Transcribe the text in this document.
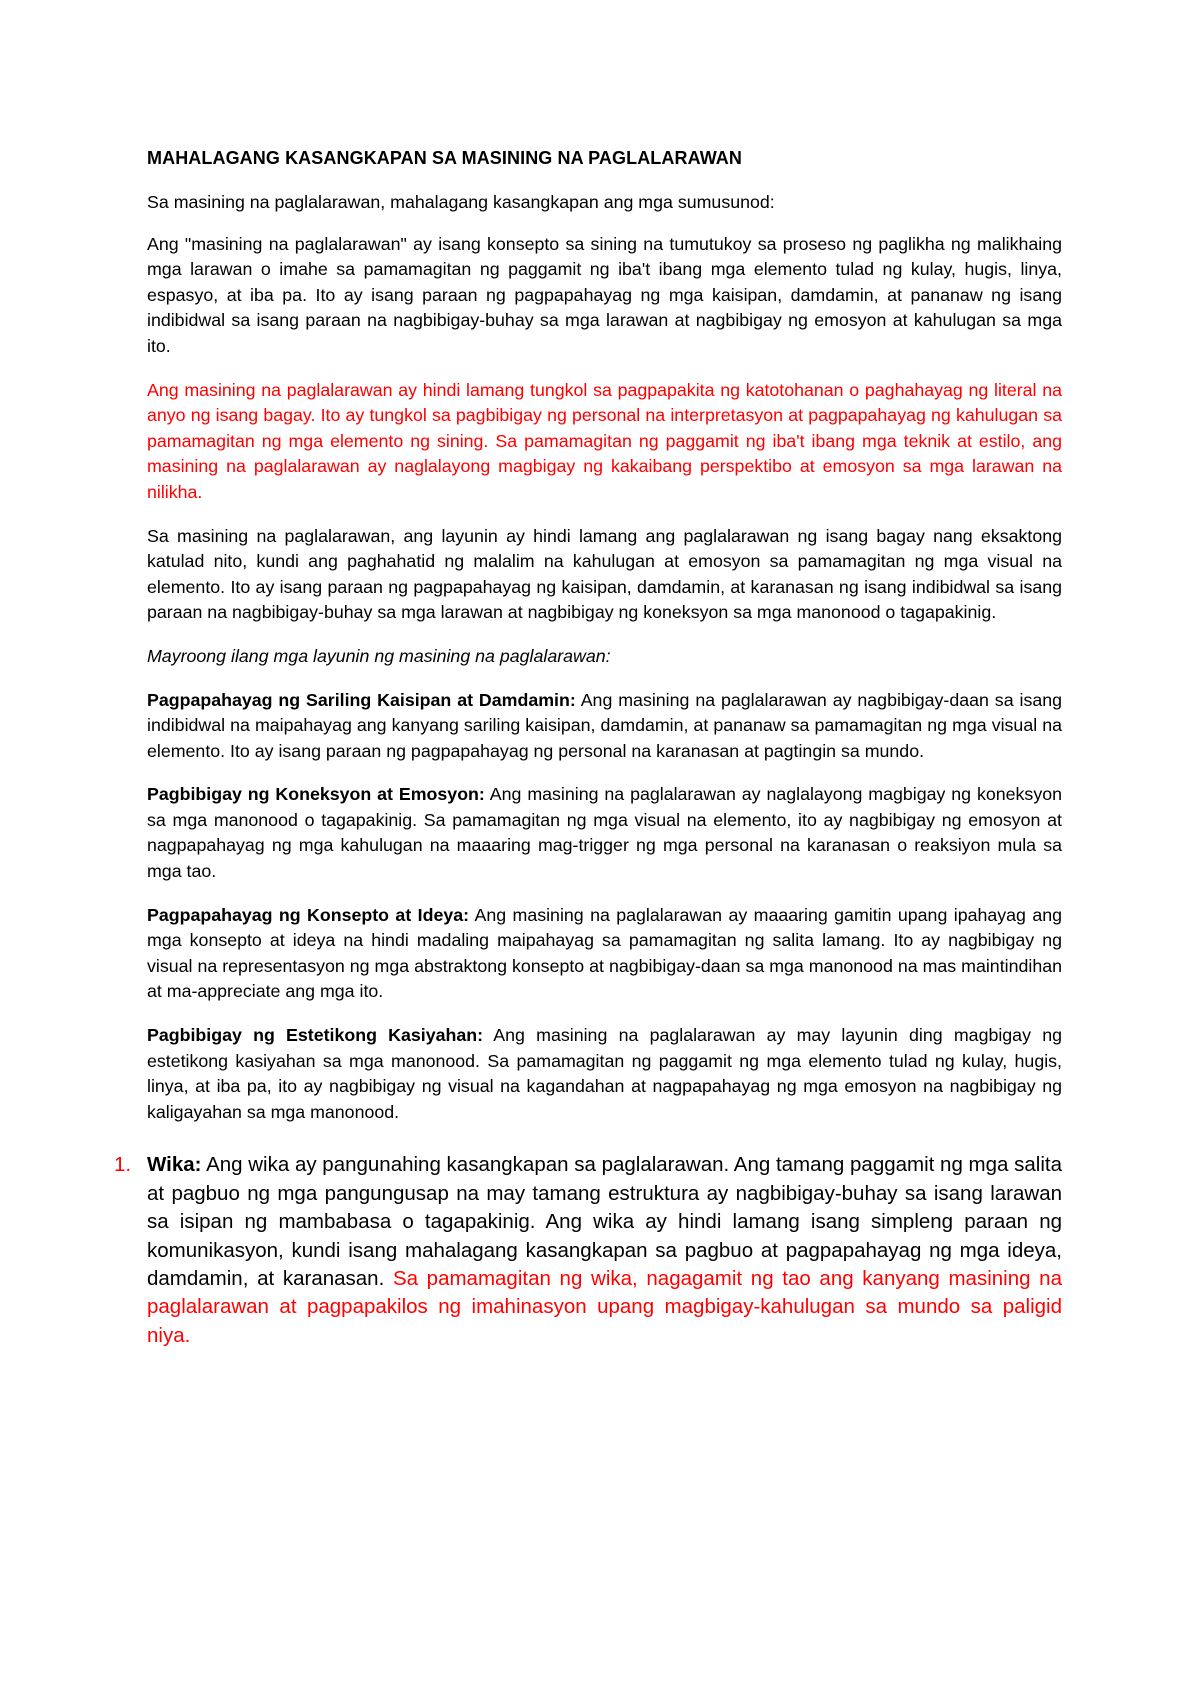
MAHALAGANG KASANGKAPAN SA MASINING NA PAGLALARAWAN

Sa masining na paglalarawan, mahalagang kasangkapan ang mga sumusunod:

Ang "masining na paglalarawan" ay isang konsepto sa sining na tumutukoy sa proseso ng paglikha ng malikhaing mga larawan o imahe sa pamamagitan ng paggamit ng iba't ibang mga elemento tulad ng kulay, hugis, linya, espasyo, at iba pa. Ito ay isang paraan ng pagpapahayag ng mga kaisipan, damdamin, at pananaw ng isang indibidwal sa isang paraan na nagbibigay-buhay sa mga larawan at nagbibigay ng emosyon at kahulugan sa mga ito.

Ang masining na paglalarawan ay hindi lamang tungkol sa pagpapakita ng katotohanan o paghahayag ng literal na anyo ng isang bagay. Ito ay tungkol sa pagbibigay ng personal na interpretasyon at pagpapahayag ng kahulugan sa pamamagitan ng mga elemento ng sining. Sa pamamagitan ng paggamit ng iba't ibang mga teknik at estilo, ang masining na paglalarawan ay naglalayong magbigay ng kakaibang perspektibo at emosyon sa mga larawan na nilikha.

Sa masining na paglalarawan, ang layunin ay hindi lamang ang paglalarawan ng isang bagay nang eksaktong katulad nito, kundi ang paghahatid ng malalim na kahulugan at emosyon sa pamamagitan ng mga visual na elemento. Ito ay isang paraan ng pagpapahayag ng kaisipan, damdamin, at karanasan ng isang indibidwal sa isang paraan na nagbibigay-buhay sa mga larawan at nagbibigay ng koneksyon sa mga manonood o tagapakinig.

Mayroong ilang mga layunin ng masining na paglalarawan:

Pagpapahayag ng Sariling Kaisipan at Damdamin: Ang masining na paglalarawan ay nagbibigay-daan sa isang indibidwal na maipahayag ang kanyang sariling kaisipan, damdamin, at pananaw sa pamamagitan ng mga visual na elemento. Ito ay isang paraan ng pagpapahayag ng personal na karanasan at pagtingin sa mundo.

Pagbibigay ng Koneksyon at Emosyon: Ang masining na paglalarawan ay naglalayong magbigay ng koneksyon sa mga manonood o tagapakinig. Sa pamamagitan ng mga visual na elemento, ito ay nagbibigay ng emosyon at nagpapahayag ng mga kahulugan na maaaring mag-trigger ng mga personal na karanasan o reaksiyon mula sa mga tao.

Pagpapahayag ng Konsepto at Ideya: Ang masining na paglalarawan ay maaaring gamitin upang ipahayag ang mga konsepto at ideya na hindi madaling maipahayag sa pamamagitan ng salita lamang. Ito ay nagbibigay ng visual na representasyon ng mga abstraktong konsepto at nagbibigay-daan sa mga manonood na mas maintindihan at ma-appreciate ang mga ito.

Pagbibigay ng Estetikong Kasiyahan: Ang masining na paglalarawan ay may layunin ding magbigay ng estetikong kasiyahan sa mga manonood. Sa pamamagitan ng paggamit ng mga elemento tulad ng kulay, hugis, linya, at iba pa, ito ay nagbibigay ng visual na kagandahan at nagpapahayag ng mga emosyon na nagbibigay ng kaligayahan sa mga manonood.

1. Wika: Ang wika ay pangunahing kasangkapan sa paglalarawan. Ang tamang paggamit ng mga salita at pagbuo ng mga pangungusap na may tamang estruktura ay nagbibigay-buhay sa isang larawan sa isipan ng mambabasa o tagapakinig. Ang wika ay hindi lamang isang simpleng paraan ng komunikasyon, kundi isang mahalagang kasangkapan sa pagbuo at pagpapahayag ng mga ideya, damdamin, at karanasan. Sa pamamagitan ng wika, nagagamit ng tao ang kanyang masining na paglalarawan at pagpapakilos ng imahinasyon upang magbigay-kahulugan sa mundo sa paligid niya.
